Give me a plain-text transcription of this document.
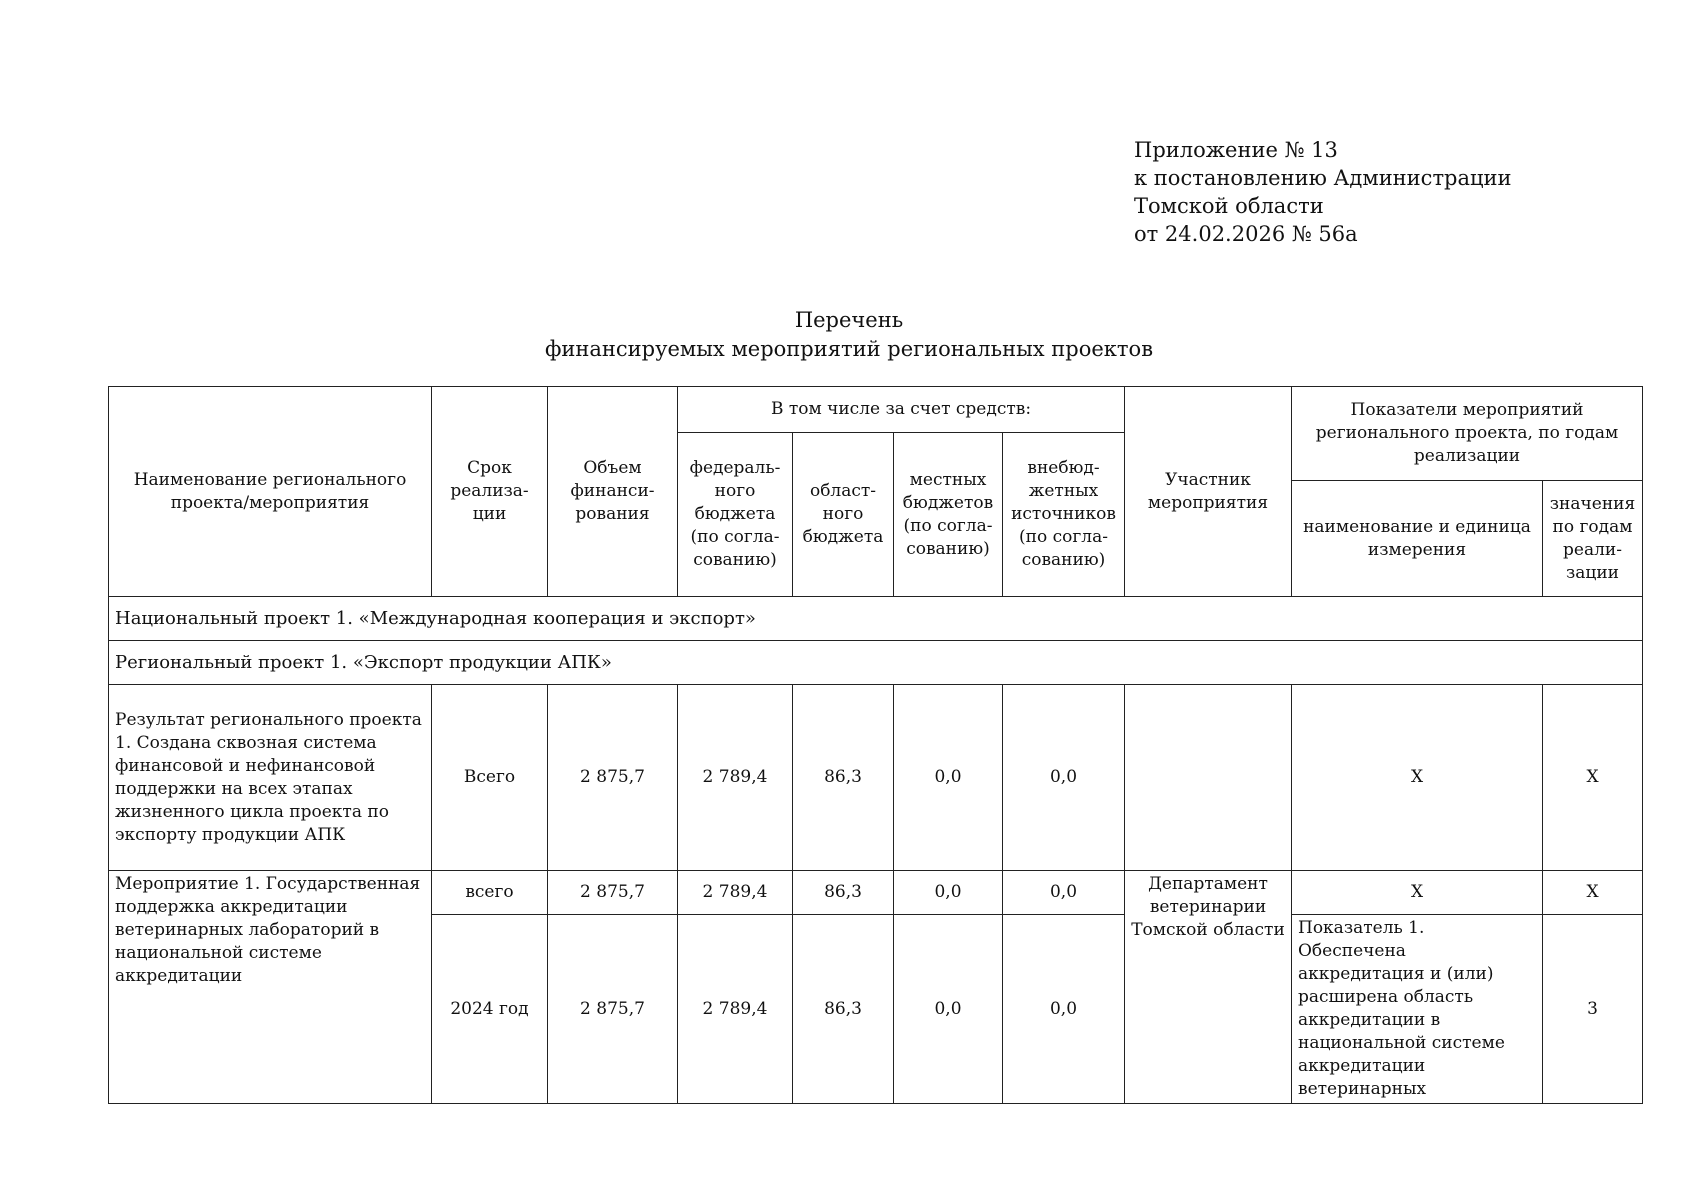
Приложение № 13
к постановлению Администрации
Томской области
от 24.02.2026 № 56а
Перечень
финансируемых мероприятий региональных проектов
Наименование регионального проекта/мероприятия	Срок реализа-ции	Объем финанси-рования	В том числе за счет средств:				Участник мероприятия	Показатели мероприятий регионального проекта, по годам реализации	
			федераль-ного бюджета (по согла-сованию)	област-ного бюджета	местных бюджетов (по согла-сованию)	внебюд-жетных источников (по согла-сованию)			
								наименование и единица измерения	значения по годам реали-зации
Национальный проект 1. «Международная кооперация и экспорт»									
Региональный проект 1. «Экспорт продукции АПК»									
Результат регионального проекта 1. Создана сквозная система финансовой и нефинансовой поддержки на всех этапах жизненного цикла проекта по экспорту продукции АПК	Всего	2 875,7	2 789,4	86,3	0,0	0,0		X	X
Мероприятие 1. Государственная поддержка аккредитации ветеринарных лабораторий в национальной системе аккредитации	всего	2 875,7	2 789,4	86,3	0,0	0,0	Департамент ветеринарии Томской области	X	X
	2024 год	2 875,7	2 789,4	86,3	0,0	0,0		Показатель 1. Обеспечена аккредитация и (или) расширена область аккредитации в национальной системе аккредитации ветеринарных	3
